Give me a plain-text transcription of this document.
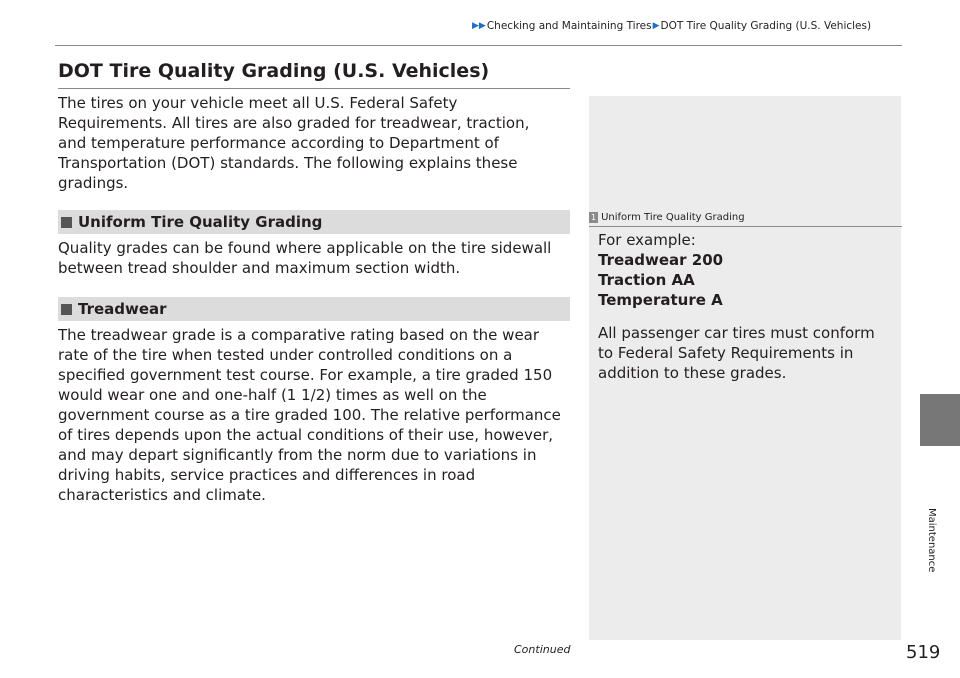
▶▶ Checking and Maintaining Tires ▶ DOT Tire Quality Grading (U.S. Vehicles)
DOT Tire Quality Grading (U.S. Vehicles)

The tires on your vehicle meet all U.S. Federal Safety
Requirements. All tires are also graded for treadwear, traction,
and temperature performance according to Department of
Transportation (DOT) standards. The following explains these
gradings.

Uniform Tire Quality Grading

Quality grades can be found where applicable on the tire sidewall
between tread shoulder and maximum section width.

Treadwear

The treadwear grade is a comparative rating based on the wear
rate of the tire when tested under controlled conditions on a
specified government test course. For example, a tire graded 150
would wear one and one-half (1 1/2) times as well on the
government course as a tire graded 100. The relative performance
of tires depends upon the actual conditions of their use, however,
and may depart significantly from the norm due to variations in
driving habits, service practices and differences in road
characteristics and climate.

1 Uniform Tire Quality Grading

For example:
Treadwear 200
Traction AA
Temperature A

All passenger car tires must conform
to Federal Safety Requirements in
addition to these grades.

Maintenance
Continued	519
